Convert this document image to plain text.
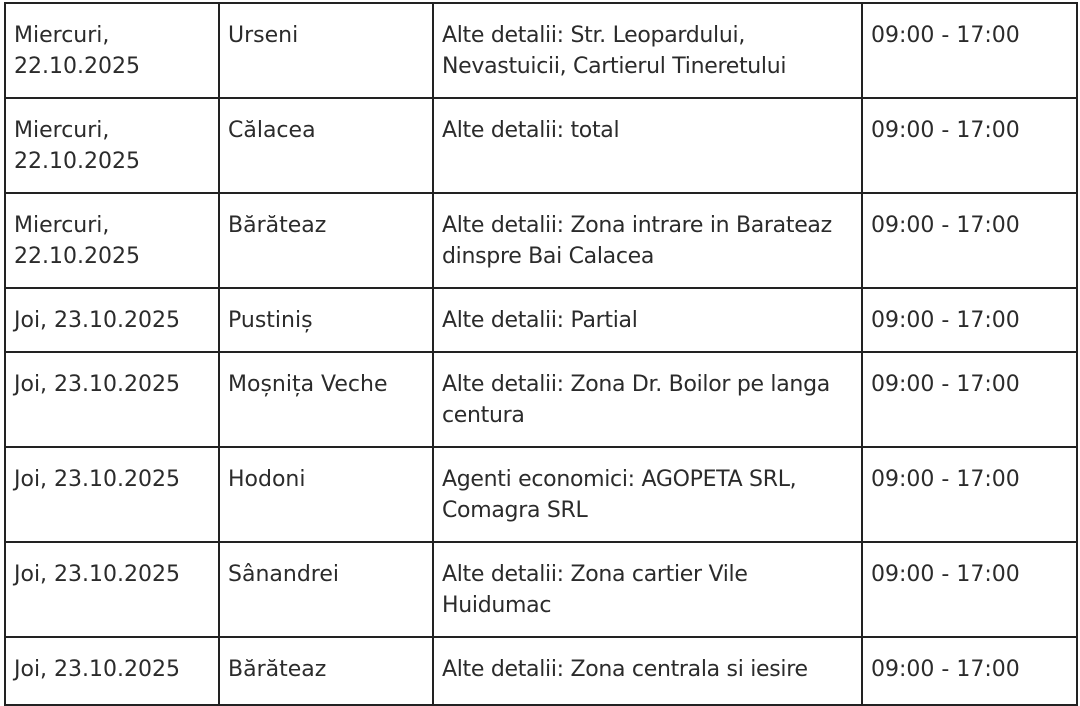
Miercuri, 22.10.2025	Urseni	Alte detalii: Str. Leopardului, Nevastuicii, Cartierul Tineretului	09:00 - 17:00
Miercuri, 22.10.2025	Călacea	Alte detalii: total	09:00 - 17:00
Miercuri, 22.10.2025	Bărăteaz	Alte detalii: Zona intrare in Barateaz dinspre Bai Calacea	09:00 - 17:00
Joi, 23.10.2025	Pustiniș	Alte detalii: Partial	09:00 - 17:00
Joi, 23.10.2025	Moșnița Veche	Alte detalii: Zona Dr. Boilor pe langa centura	09:00 - 17:00
Joi, 23.10.2025	Hodoni	Agenti economici: AGOPETA SRL, Comagra SRL	09:00 - 17:00
Joi, 23.10.2025	Sânandrei	Alte detalii: Zona cartier Vile Huidumac	09:00 - 17:00
Joi, 23.10.2025	Bărăteaz	Alte detalii: Zona centrala si iesire	09:00 - 17:00
